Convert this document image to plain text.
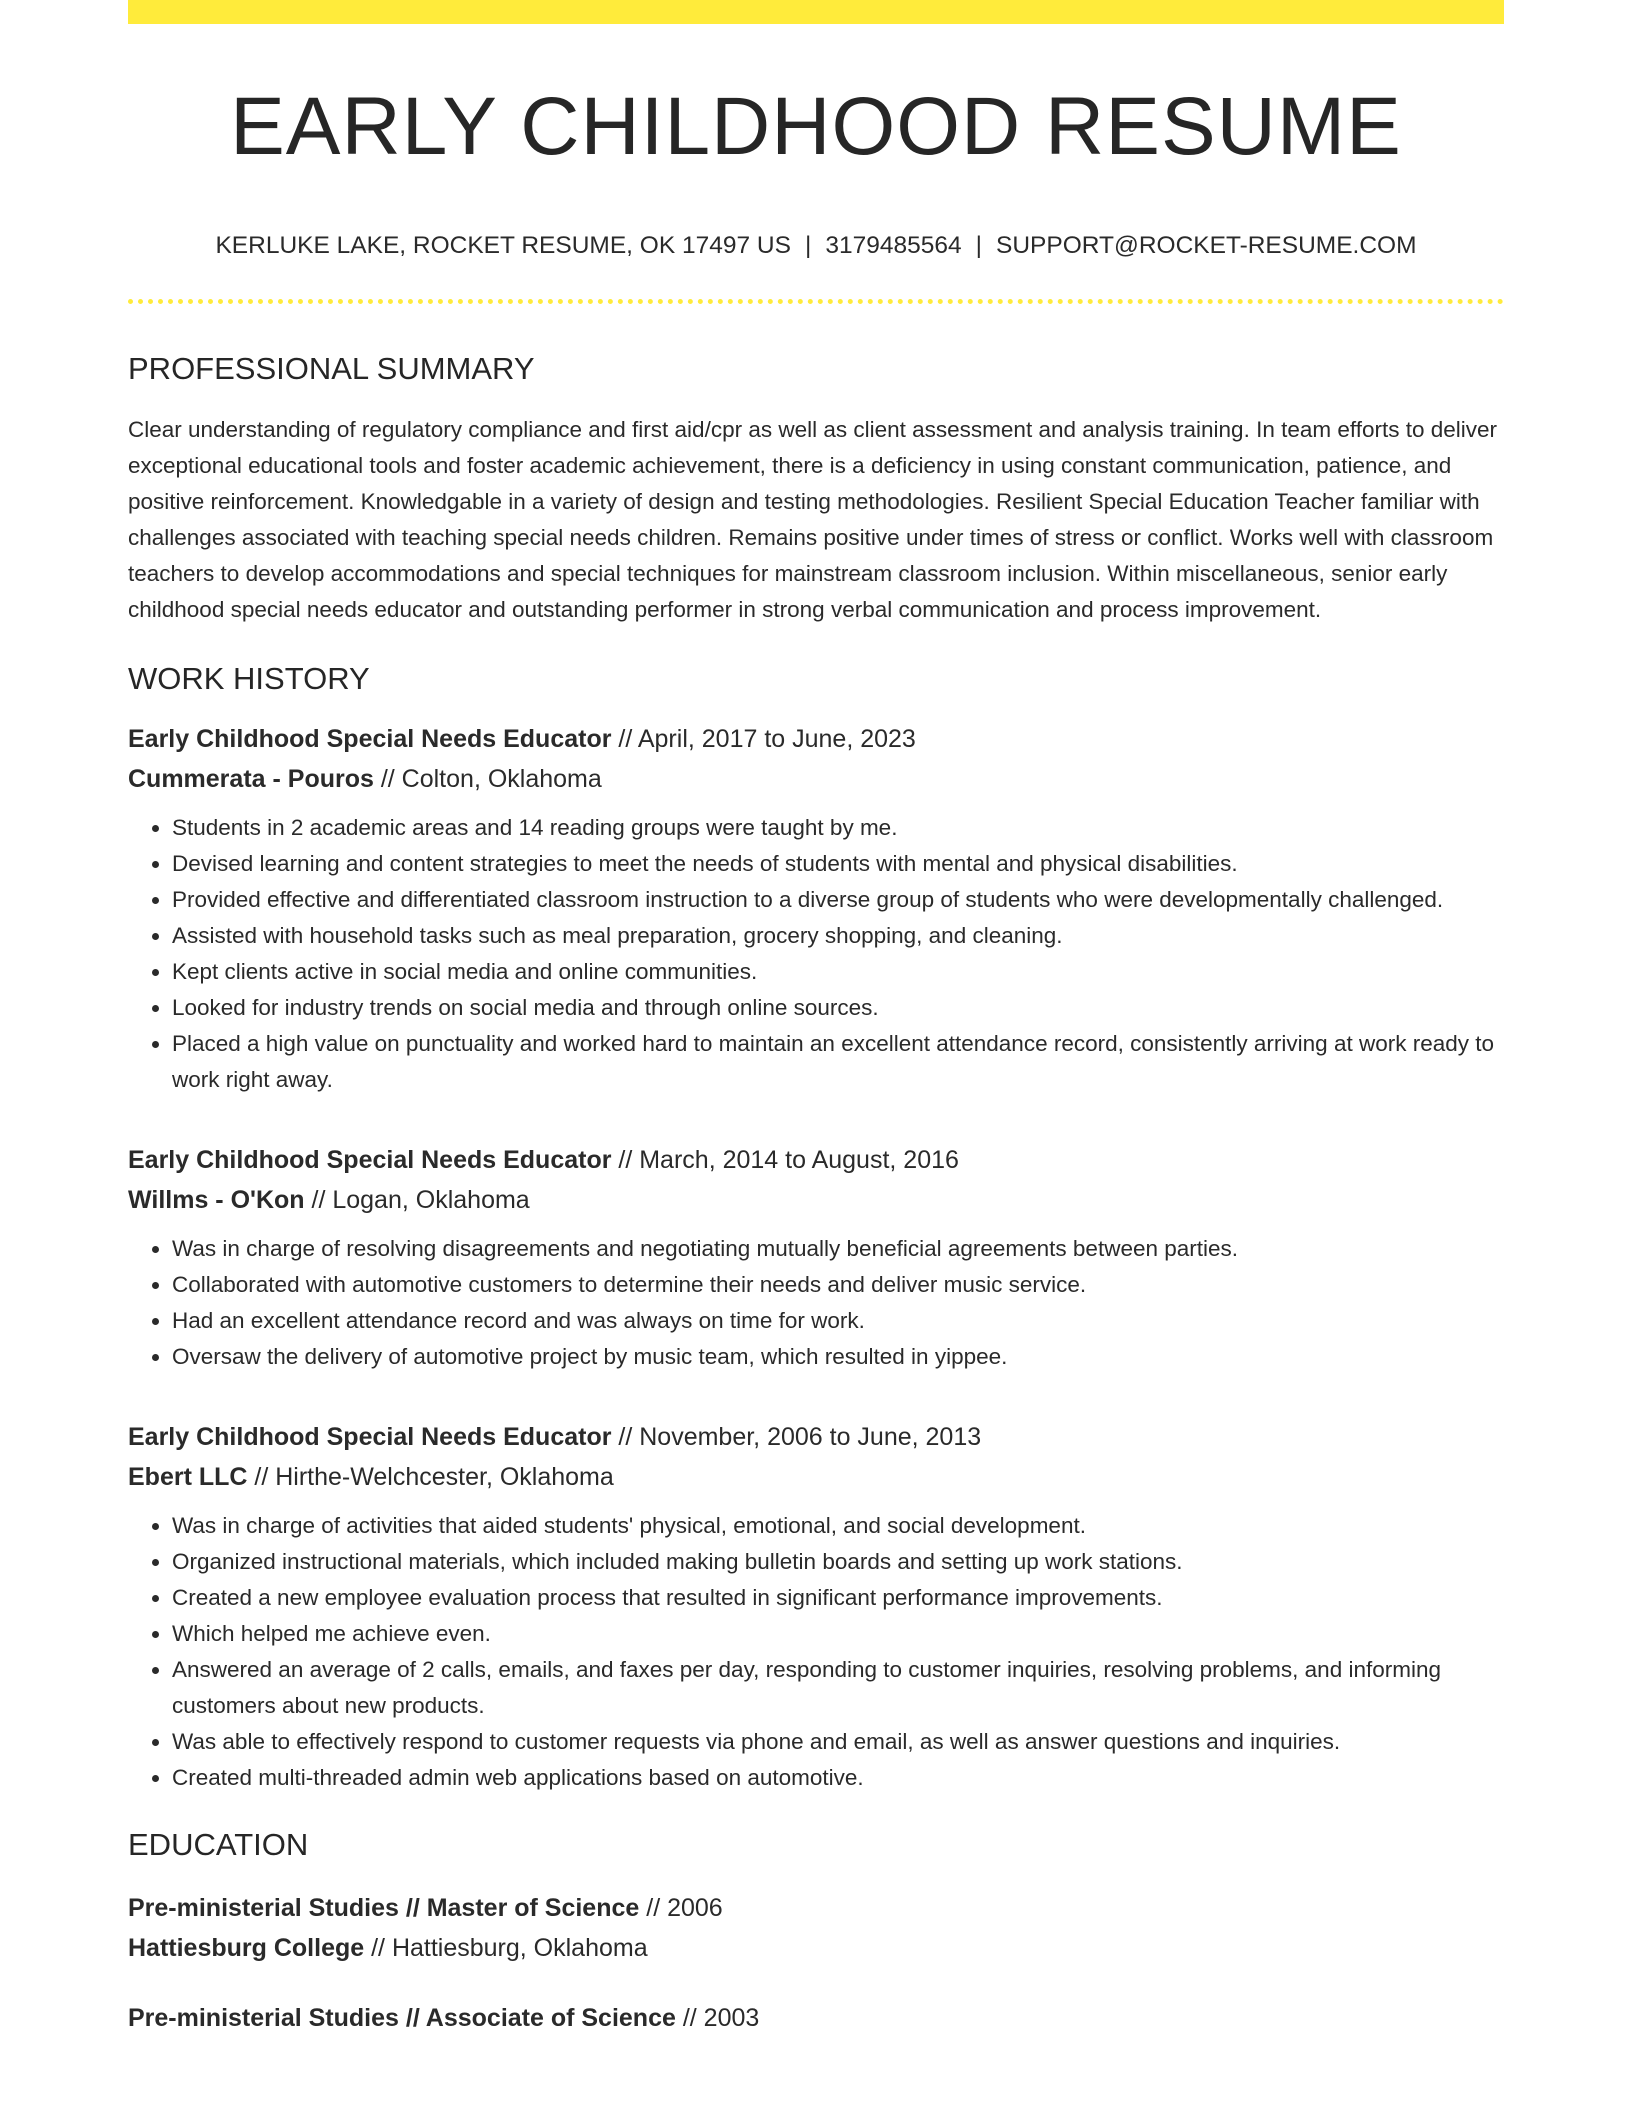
EARLY CHILDHOOD RESUME
KERLUKE LAKE, ROCKET RESUME, OK 17497 US | 3179485564 | SUPPORT@ROCKET-RESUME.COM
PROFESSIONAL SUMMARY

Clear understanding of regulatory compliance and first aid/cpr as well as client assessment and analysis training. In team efforts to deliver exceptional educational tools and foster academic achievement, there is a deficiency in using constant communication, patience, and positive reinforcement. Knowledgable in a variety of design and testing methodologies. Resilient Special Education Teacher familiar with challenges associated with teaching special needs children. Remains positive under times of stress or conflict. Works well with classroom teachers to develop accommodations and special techniques for mainstream classroom inclusion. Within miscellaneous, senior early childhood special needs educator and outstanding performer in strong verbal communication and process improvement.

WORK HISTORY
Early Childhood Special Needs Educator // April, 2017 to June, 2023
Cummerata - Pouros // Colton, Oklahoma
• Students in 2 academic areas and 14 reading groups were taught by me.
• Devised learning and content strategies to meet the needs of students with mental and physical disabilities.
• Provided effective and differentiated classroom instruction to a diverse group of students who were developmentally challenged.
• Assisted with household tasks such as meal preparation, grocery shopping, and cleaning.
• Kept clients active in social media and online communities.
• Looked for industry trends on social media and through online sources.
• Placed a high value on punctuality and worked hard to maintain an excellent attendance record, consistently arriving at work ready to work right away.
Early Childhood Special Needs Educator // March, 2014 to August, 2016
Willms - O'Kon // Logan, Oklahoma
• Was in charge of resolving disagreements and negotiating mutually beneficial agreements between parties.
• Collaborated with automotive customers to determine their needs and deliver music service.
• Had an excellent attendance record and was always on time for work.
• Oversaw the delivery of automotive project by music team, which resulted in yippee.
Early Childhood Special Needs Educator // November, 2006 to June, 2013
Ebert LLC // Hirthe-Welchcester, Oklahoma
• Was in charge of activities that aided students' physical, emotional, and social development.
• Organized instructional materials, which included making bulletin boards and setting up work stations.
• Created a new employee evaluation process that resulted in significant performance improvements.
• Which helped me achieve even.
• Answered an average of 2 calls, emails, and faxes per day, responding to customer inquiries, resolving problems, and informing customers about new products.
• Was able to effectively respond to customer requests via phone and email, as well as answer questions and inquiries.
• Created multi-threaded admin web applications based on automotive.
EDUCATION
Pre-ministerial Studies // Master of Science // 2006
Hattiesburg College // Hattiesburg, Oklahoma
Pre-ministerial Studies // Associate of Science // 2003
